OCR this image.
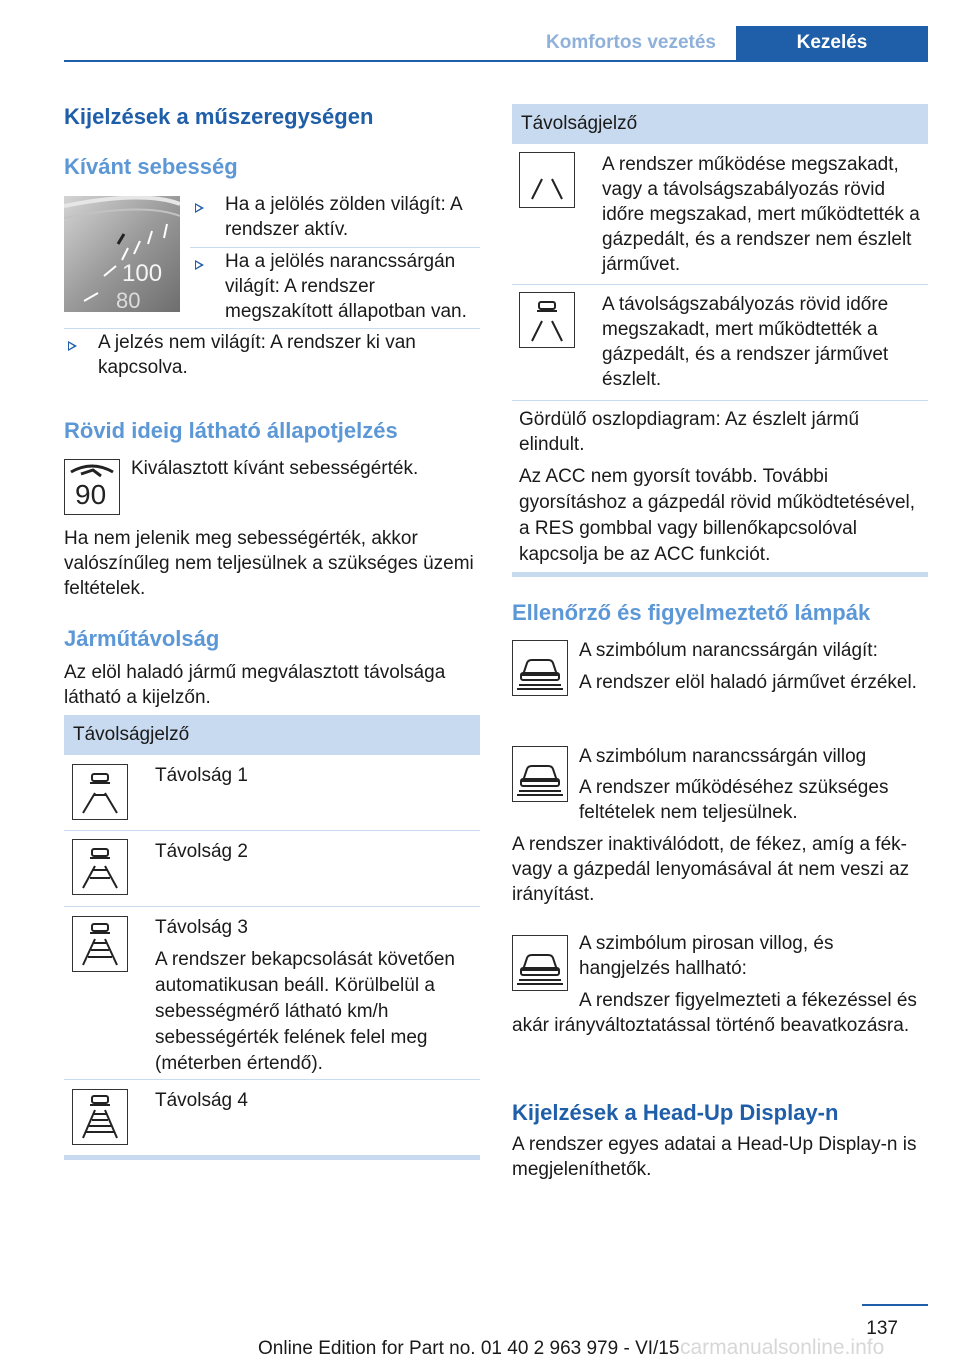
Komfortos vezetés	Kezelés
Kijelzések a műszeregységen
Kívánt sebesség
100
80
Ha a jelölés zölden világít: A rendszer aktív.
Ha a jelölés narancssárgán világít: A rendszer megszakított állapotban van.
A jelzés nem világít: A rendszer ki van kapcsolva.
Rövid ideig látható állapotjelzés
90
Kiválasztott kívánt sebességérték.
Ha nem jelenik meg sebességérték, akkor valószínűleg nem teljesülnek a szükséges üzemi feltételek.
Járműtávolság
Az elöl haladó jármű megválasztott távolsága látható a kijelzőn.
Távolságjelző
Távolság 1
Távolság 2
Távolság 3
A rendszer bekapcsolását követően automatikusan beáll. Körülbelül a sebességmérő látható km/h sebességérték felének felel meg (méterben értendő).
Távolság 4
Távolságjelző
A rendszer működése megszakadt, vagy a távolságszabályozás rövid időre megszakad, mert működtették a gázpedált, és a rendszer nem észlelt járművet.
A távolságszabályozás rövid időre megszakadt, mert működtették a gázpedált, és a rendszer járművet észlelt.
Gördülő oszlopdiagram: Az észlelt jármű elindult.
Az ACC nem gyorsít tovább. További gyorsításhoz a gázpedál rövid működtetésével, a RES gombbal vagy billenőkapcsolóval kapcsolja be az ACC funkciót.
Ellenőrző és figyelmeztető lámpák
A szimbólum narancssárgán világít:
A rendszer elöl haladó járművet érzékel.
A szimbólum narancssárgán villog
A rendszer működéséhez szükséges feltételek nem teljesülnek.
A rendszer inaktiválódott, de fékez, amíg a fék- vagy a gázpedál lenyomásával át nem veszi az irányítást.
A szimbólum pirosan villog, és hangjelzés hallható:
A rendszer figyelmezteti a fékezéssel és akár irányváltoztatással történő beavatkozásra.
Kijelzések a Head-Up Display-n
A rendszer egyes adatai a Head-Up Display-n is megjeleníthetők.
137
Online Edition for Part no. 01 40 2 963 979 - VI/15 carmanualsonline.info
